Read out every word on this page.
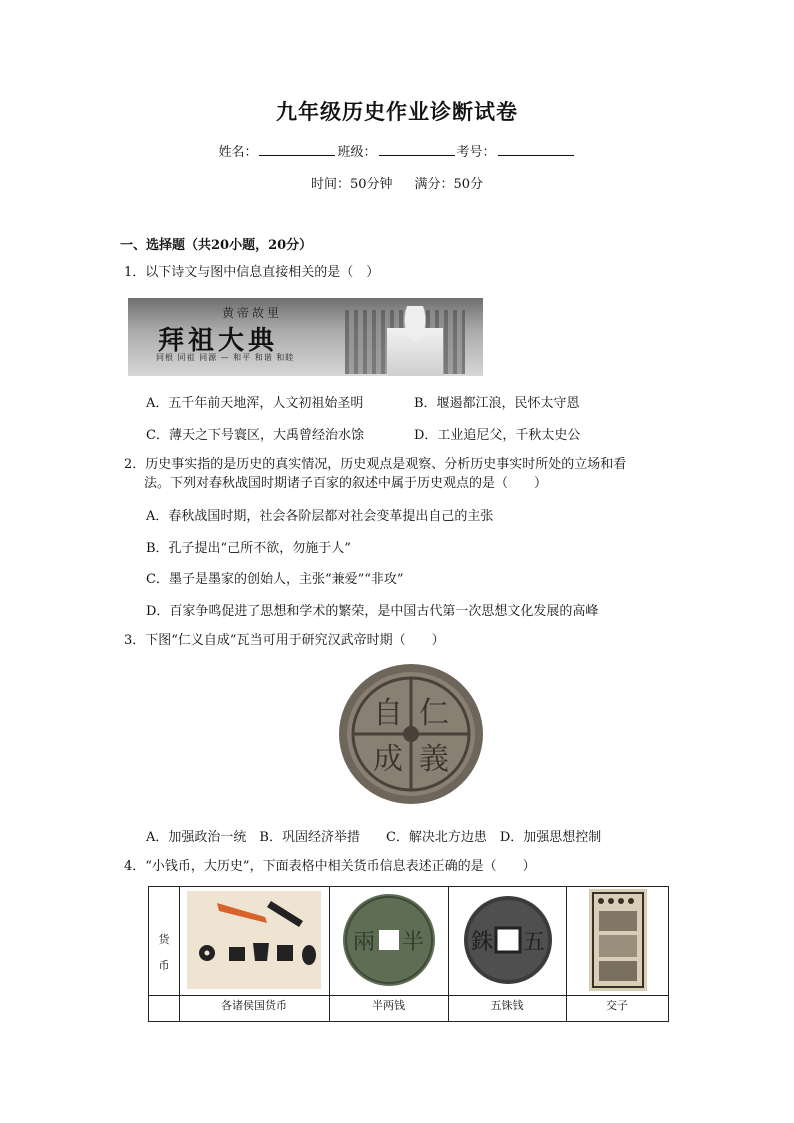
九年级历史作业诊断试卷
姓名：	班级：	考号：
时间：50分钟 满分：50分
一、选择题（共20小题，20分）
1．以下诗文与图中信息直接相关的是（　）
黄帝故里
拜祖大典
同根 同祖 同源 — 和平 和谐 和睦
A．五千年前天地浑，人文初祖始圣明	B．堰遏都江浪，民怀太守恩
C．薄天之下号寰区，大禹曾经治水馀	D．工业追尼父，千秋太史公
2．历史事实指的是历史的真实情况，历史观点是观察、分析历史事实时所处的立场和看
法。下列对春秋战国时期诸子百家的叙述中属于历史观点的是（　　）
A．春秋战国时期，社会各阶层都对社会变革提出自己的主张
B．孔子提出“己所不欲，勿施于人”
C．墨子是墨家的创始人，主张“兼爱”“非攻”
D．百家争鸣促进了思想和学术的繁荣，是中国古代第一次思想文化发展的高峰
3．下图“仁义自成”瓦当可用于研究汉武帝时期（　　）
仁
義
自
成
A．加强政治一统　B．巩固经济举措　　C．解决北方边患　D．加强思想控制
4．“小钱币，大历史”，下面表格中相关货币信息表述正确的是（　　）
货
币
半
兩	五
銖
各诸侯国货币	半两钱	五铢钱	交子
